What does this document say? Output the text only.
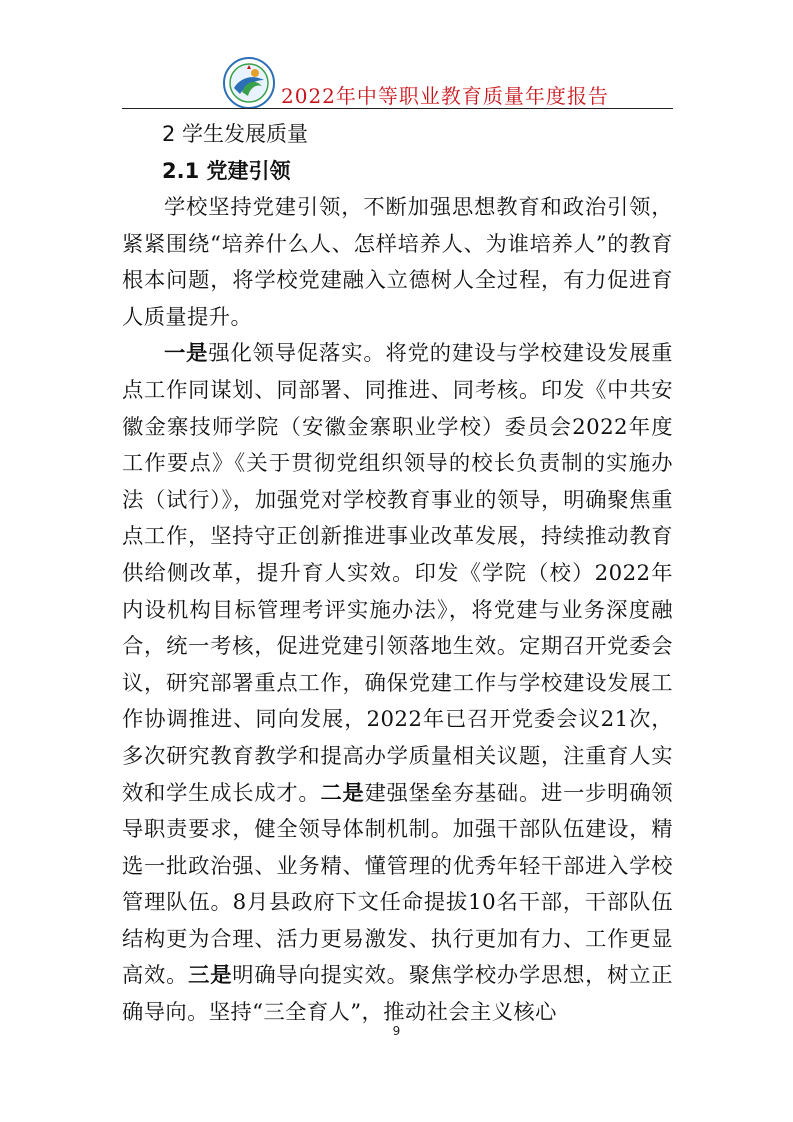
2022年中等职业教育质量年度报告
2 学生发展质量
2.1 党建引领

学校坚持党建引领，不断加强思想教育和政治引领，紧紧围绕“培养什么人、怎样培养人、为谁培养人”的教育根本问题，将学校党建融入立德树人全过程，有力促进育人质量提升。

一是强化领导促落实。将党的建设与学校建设发展重点工作同谋划、同部署、同推进、同考核。印发《中共安徽金寨技师学院（安徽金寨职业学校）委员会2022年度工作要点》《关于贯彻党组织领导的校长负责制的实施办法（试行）》，加强党对学校教育事业的领导，明确聚焦重点工作，坚持守正创新推进事业改革发展，持续推动教育供给侧改革，提升育人实效。印发《学院（校）2022年内设机构目标管理考评实施办法》，将党建与业务深度融合，统一考核，促进党建引领落地生效。定期召开党委会议，研究部署重点工作，确保党建工作与学校建设发展工作协调推进、同向发展，2022年已召开党委会议21次，多次研究教育教学和提高办学质量相关议题，注重育人实效和学生成长成才。二是建强堡垒夯基础。进一步明确领导职责要求，健全领导体制机制。加强干部队伍建设，精选一批政治强、业务精、懂管理的优秀年轻干部进入学校管理队伍。8月县政府下文任命提拔10名干部，干部队伍结构更为合理、活力更易激发、执行更加有力、工作更显高效。三是明确导向提实效。聚焦学校办学思想，树立正确导向。坚持“三全育人”，推动社会主义核心

9
